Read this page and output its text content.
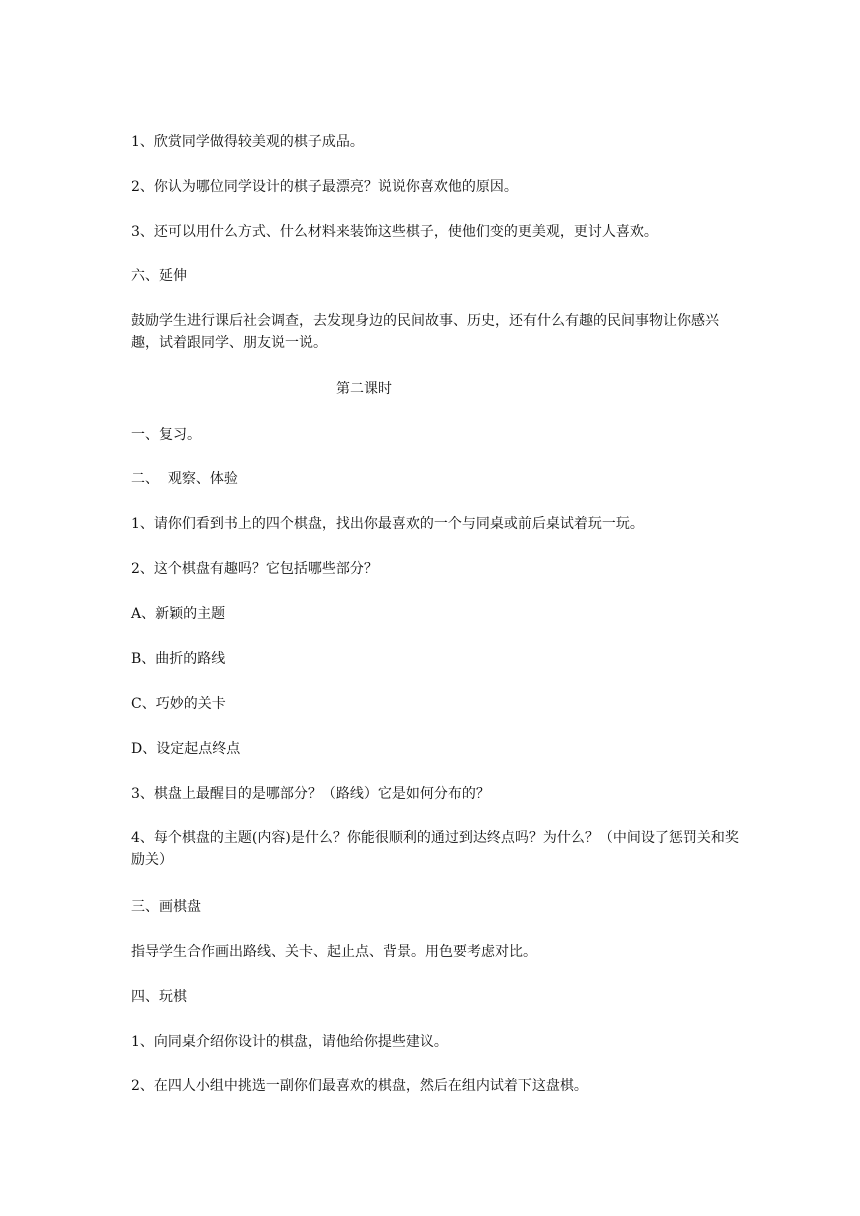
1、欣赏同学做得较美观的棋子成品。
2、你认为哪位同学设计的棋子最漂亮？说说你喜欢他的原因。
3、还可以用什么方式、什么材料来装饰这些棋子，使他们变的更美观，更讨人喜欢。
六、延伸
鼓励学生进行课后社会调查，去发现身边的民间故事、历史，还有什么有趣的民间事物让你感兴趣，试着跟同学、朋友说一说。
第二课时
一、复习。
二、  观察、体验
1、请你们看到书上的四个棋盘，找出你最喜欢的一个与同桌或前后桌试着玩一玩。
2、这个棋盘有趣吗？它包括哪些部分？
A、新颖的主题
B、曲折的路线
C、巧妙的关卡
D、设定起点终点
3、棋盘上最醒目的是哪部分？（路线）它是如何分布的？
4、每个棋盘的主题(内容)是什么？你能很顺利的通过到达终点吗？为什么？（中间设了惩罚关和奖励关）
三、画棋盘
指导学生合作画出路线、关卡、起止点、背景。用色要考虑对比。
四、玩棋
1、向同桌介绍你设计的棋盘，请他给你提些建议。
2、在四人小组中挑选一副你们最喜欢的棋盘，然后在组内试着下这盘棋。
